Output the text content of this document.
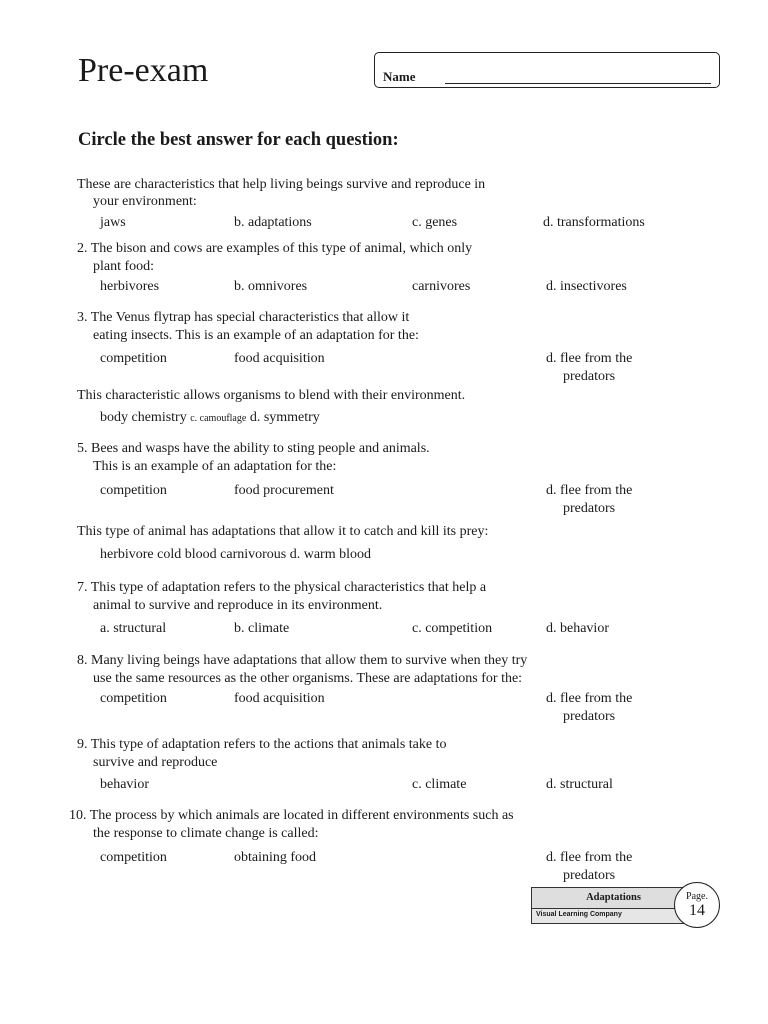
Pre-exam	Name
Circle the best answer for each question:
These are characteristics that help living beings survive and reproduce in
your environment:
jaws	b. adaptations	c. genes	d. transformations
2. The bison and cows are examples of this type of animal, which only
plant food:
herbivores	b. omnivores	carnivores	d. insectivores
3. The Venus flytrap has special characteristics that allow it
eating insects. This is an example of an adaptation for the:
competition	food acquisition	d. flee from the
predators
This characteristic allows organisms to blend with their environment.
body chemistry c. camouflage d. symmetry
5. Bees and wasps have the ability to sting people and animals.
This is an example of an adaptation for the:
competition	food procurement	d. flee from the
predators
This type of animal has adaptations that allow it to catch and kill its prey:
herbivore cold blood carnivorous d. warm blood
7. This type of adaptation refers to the physical characteristics that help a
animal to survive and reproduce in its environment.
a. structural	b. climate	c. competition	d. behavior
8. Many living beings have adaptations that allow them to survive when they try
use the same resources as the other organisms. These are adaptations for the:
competition	food acquisition	d. flee from the
predators
9. This type of adaptation refers to the actions that animals take to
survive and reproduce
behavior	c. climate	d. structural
10. The process by which animals are located in different environments such as
the response to climate change is called:
competition	obtaining food	d. flee from the
predators
Adaptations
Visual Learning Company
Page.
14
